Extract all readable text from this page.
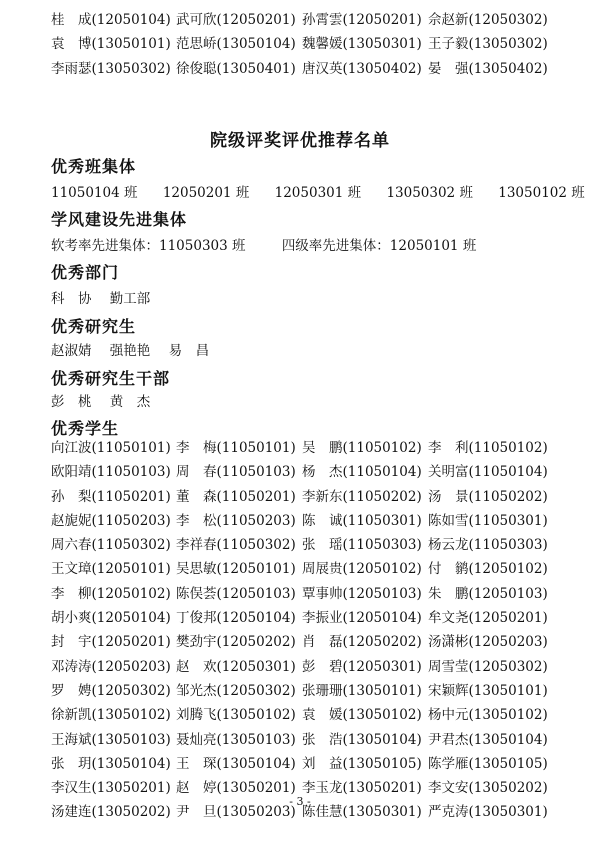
桂　成(12050104) 武可欣(12050201) 孙霄雲(12050201) 佘赵新(12050302)
袁　博(13050101) 范思峤(13050104) 魏馨媛(13050301) 王子毅(13050302)
李雨瑟(13050302) 徐俊聪(13050401) 唐汉英(13050402) 晏　强(13050402)
院级评奖评优推荐名单
优秀班集体
11050104 班 12050201 班 12050301 班 13050302 班 13050102 班
学风建设先进集体
软考率先进集体：11050303 班	四级率先进集体：12050101 班
优秀部门
科　协 勤工部
优秀研究生
赵淑婧 强艳艳 易　昌
优秀研究生干部
彭　桃 黄　杰
优秀学生
向江波(11050101) 李　梅(11050101) 吴　鹏(11050102) 李　利(11050102)
欧阳靖(11050103) 周　春(11050103) 杨　杰(11050104) 关明富(11050104)
孙　梨(11050201) 董　森(11050201) 李新东(11050202) 汤　景(11050202)
赵旎妮(11050203) 李　松(11050203) 陈　诚(11050301) 陈如雪(11050301)
周六春(11050302) 李祥春(11050302) 张　瑶(11050303) 杨云龙(11050303)
王文璋(12050101) 吴思敏(12050101) 周展贵(12050102) 付　鹟(12050102)
李　柳(12050102) 陈俣荟(12050103) 覃事帅(12050103) 朱　鹏(12050103)
胡小爽(12050104) 丁俊邦(12050104) 李振业(12050104) 牟文尧(12050201)
封　宇(12050201) 樊劲宇(12050202) 肖　磊(12050202) 汤潇彬(12050203)
邓涛涛(12050203) 赵　欢(12050301) 彭　碧(12050301) 周雪莹(12050302)
罗　娉(12050302) 邹光杰(12050302) 张珊珊(13050101) 宋颖辉(13050101)
徐新凯(13050102) 刘腾飞(13050102) 袁　媛(13050102) 杨中元(13050102)
王海斌(13050103) 聂灿亮(13050103) 张　浩(13050104) 尹君杰(13050104)
张　玥(13050104) 王　琛(13050104) 刘　益(13050105) 陈学雁(13050105)
李汉生(13050201) 赵　婷(13050201) 李玉龙(13050201) 李文安(13050202)
汤建连(13050202) 尹　旦(13050203) 陈佳慧(13050301) 严克涛(13050301)
- 3 -
